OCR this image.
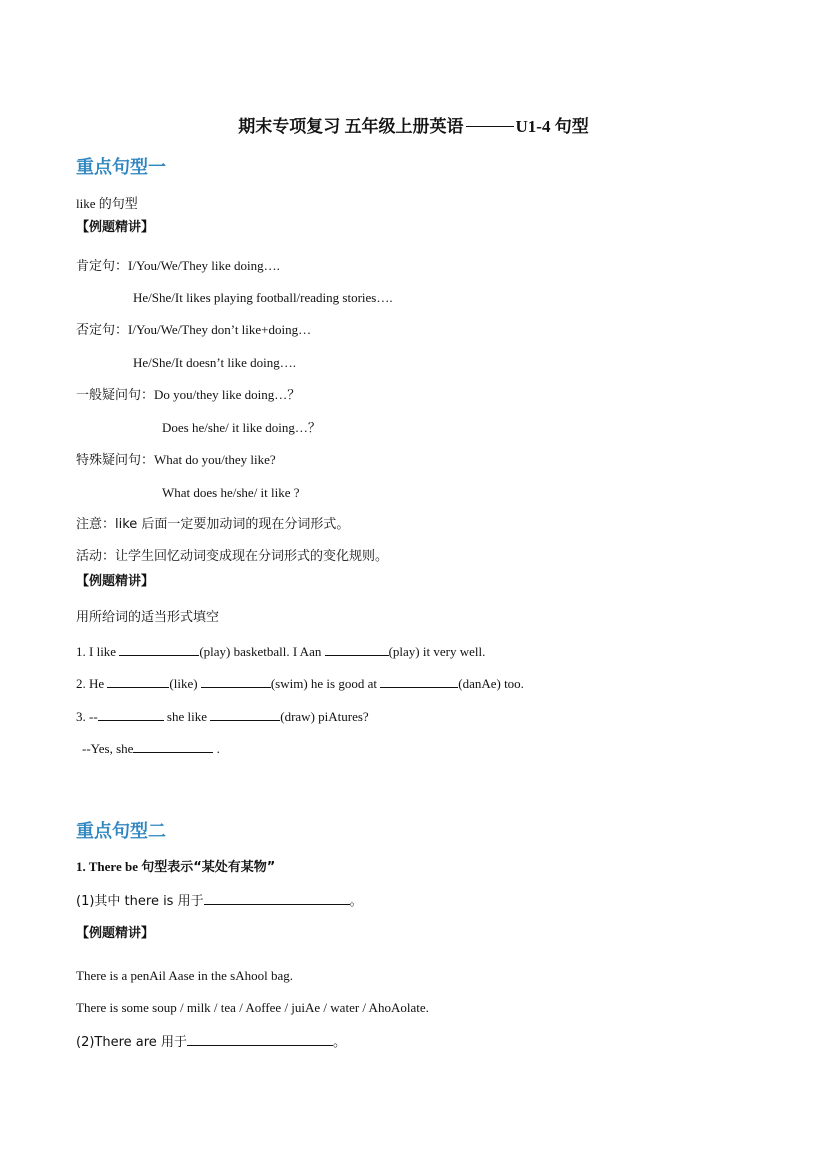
期末专项复习 五年级上册英语	U1-4 句型
重点句型一
like 的句型
【例题精讲】
肯定句：I/You/We/They like doing….
He/She/It likes playing football/reading stories….
否定句：I/You/We/They don’t like+doing…
He/She/It doesn’t like doing….
一般疑问句：Do you/they like doing…？
Does he/she/ it like doing…？
特殊疑问句：What do you/they like?
What does he/she/ it like ?
注意：like 后面一定要加动词的现在分词形式。
活动：让学生回忆动词变成现在分词形式的变化规则。
【例题精讲】
用所给词的适当形式填空
1. I like	(play) basketball. I Aan	(play) it very well.
2. He	(like)	(swim) he is good at	(danAe) too.
3. --	she like	(draw) piAtures?
--Yes, she	.
重点句型二
1. There be 句型表示“某处有某物”
(1)其中 there is 用于	。
【例题精讲】
There is a penAil Aase in the sAhool bag.
There is some soup / milk / tea / Aoffee / juiAe / water / AhoAolate.
(2)There are 用于	。
